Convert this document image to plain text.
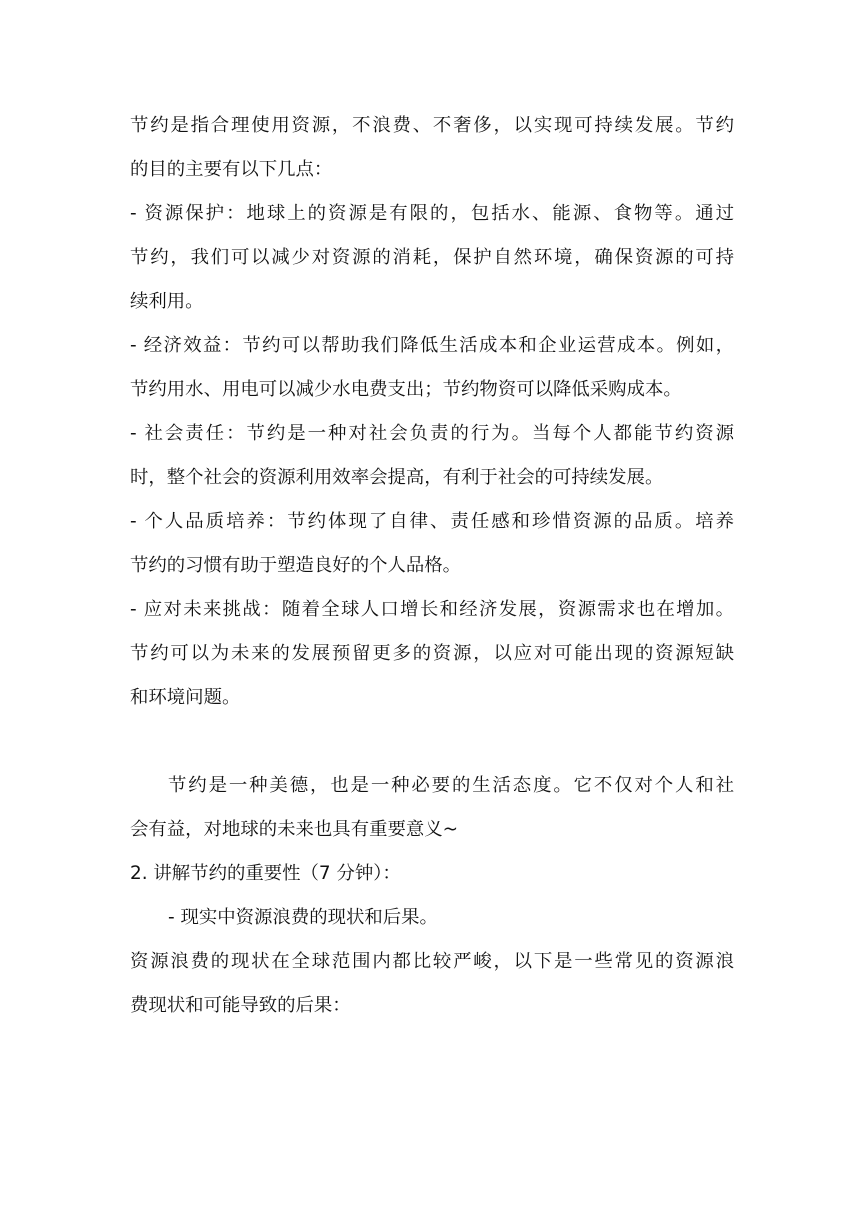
节约是指合理使用资源，不浪费、不奢侈，以实现可持续发展。节约
的目的主要有以下几点：
- 资源保护：地球上的资源是有限的，包括水、能源、食物等。通过
节约，我们可以减少对资源的消耗，保护自然环境，确保资源的可持
续利用。
- 经济效益：节约可以帮助我们降低生活成本和企业运营成本。例如，
节约用水、用电可以减少水电费支出；节约物资可以降低采购成本。
- 社会责任：节约是一种对社会负责的行为。当每个人都能节约资源
时，整个社会的资源利用效率会提高，有利于社会的可持续发展。
- 个人品质培养：节约体现了自律、责任感和珍惜资源的品质。培养
节约的习惯有助于塑造良好的个人品格。
- 应对未来挑战：随着全球人口增长和经济发展，资源需求也在增加。
节约可以为未来的发展预留更多的资源，以应对可能出现的资源短缺
和环境问题。
节约是一种美德，也是一种必要的生活态度。它不仅对个人和社
会有益，对地球的未来也具有重要意义~
2. 讲解节约的重要性（7 分钟）：
- 现实中资源浪费的现状和后果。
资源浪费的现状在全球范围内都比较严峻，以下是一些常见的资源浪
费现状和可能导致的后果：
